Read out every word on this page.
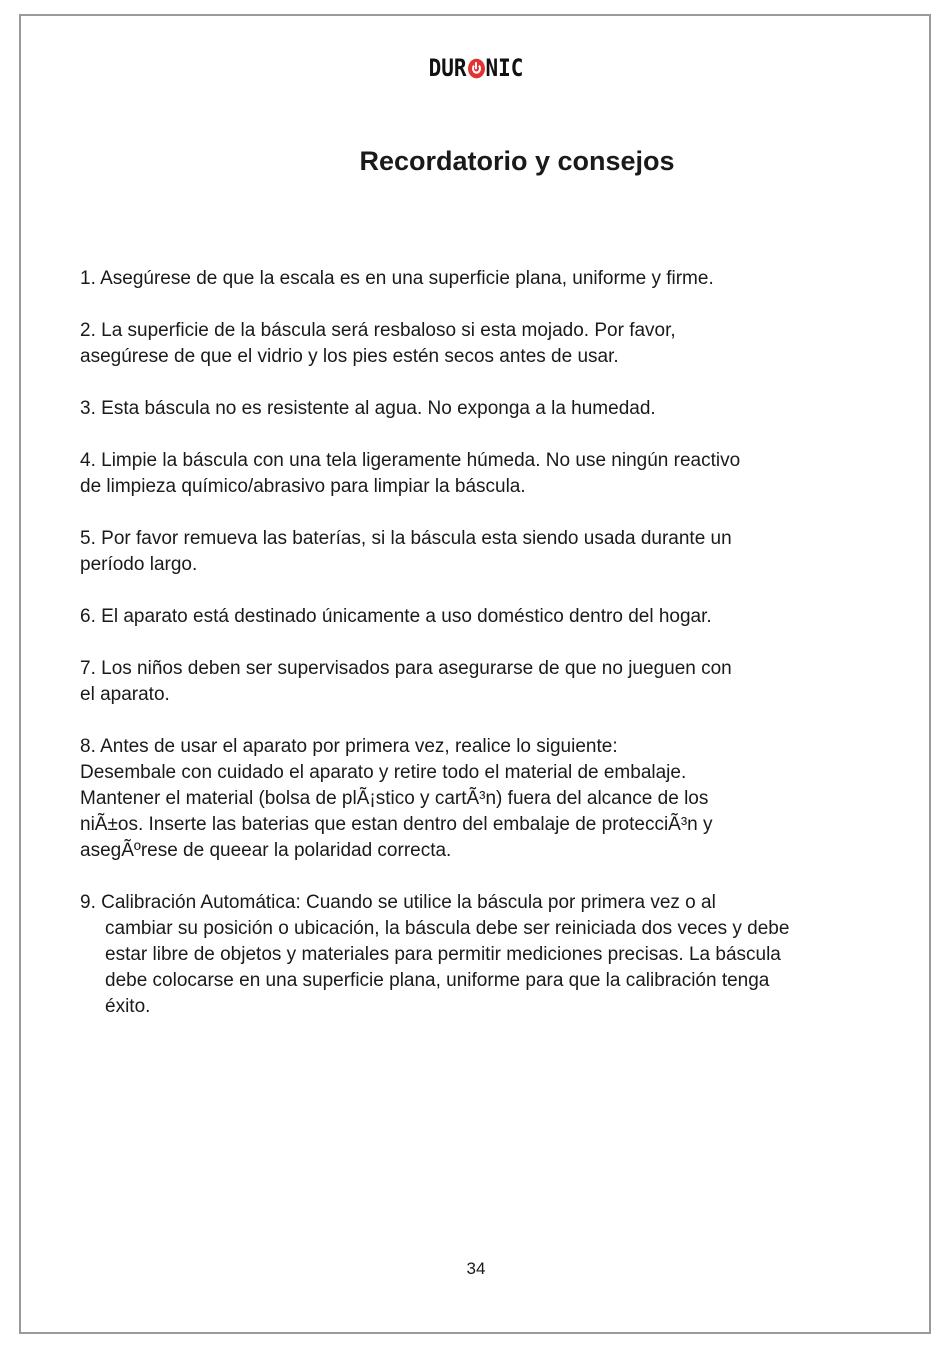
DUR NIC
Recordatorio y consejos
1. Asegúrese de que la escala es en una superficie plana, uniforme y firme.
2. La superficie de la báscula será resbaloso si esta mojado. Por favor,
asegúrese de que el vidrio y los pies estén secos antes de usar.
3. Esta báscula no es resistente al agua. No exponga a la humedad.
4. Limpie la báscula con una tela ligeramente húmeda. No use ningún reactivo
de limpieza químico/abrasivo para limpiar la báscula.
5. Por favor remueva las baterías, si la báscula esta siendo usada durante un
período largo.
6. El aparato está destinado únicamente a uso doméstico dentro del hogar.
7. Los niños deben ser supervisados para asegurarse de que no jueguen con
el aparato.
8. Antes de usar el aparato por primera vez, realice lo siguiente:
Desembale con cuidado el aparato y retire todo el material de embalaje.
Mantener el material (bolsa de plÃ¡stico y cartÃ³n) fuera del alcance de los
niÃ±os. Inserte las baterias que estan dentro del embalaje de protecciÃ³n y
asegÃºrese de queear la polaridad correcta.
9. Calibración Automática: Cuando se utilice la báscula por primera vez o al
cambiar su posición o ubicación, la báscula debe ser reiniciada dos veces y debe
estar libre de objetos y materiales para permitir mediciones precisas. La báscula
debe colocarse en una superficie plana, uniforme para que la calibración tenga
éxito.
34
